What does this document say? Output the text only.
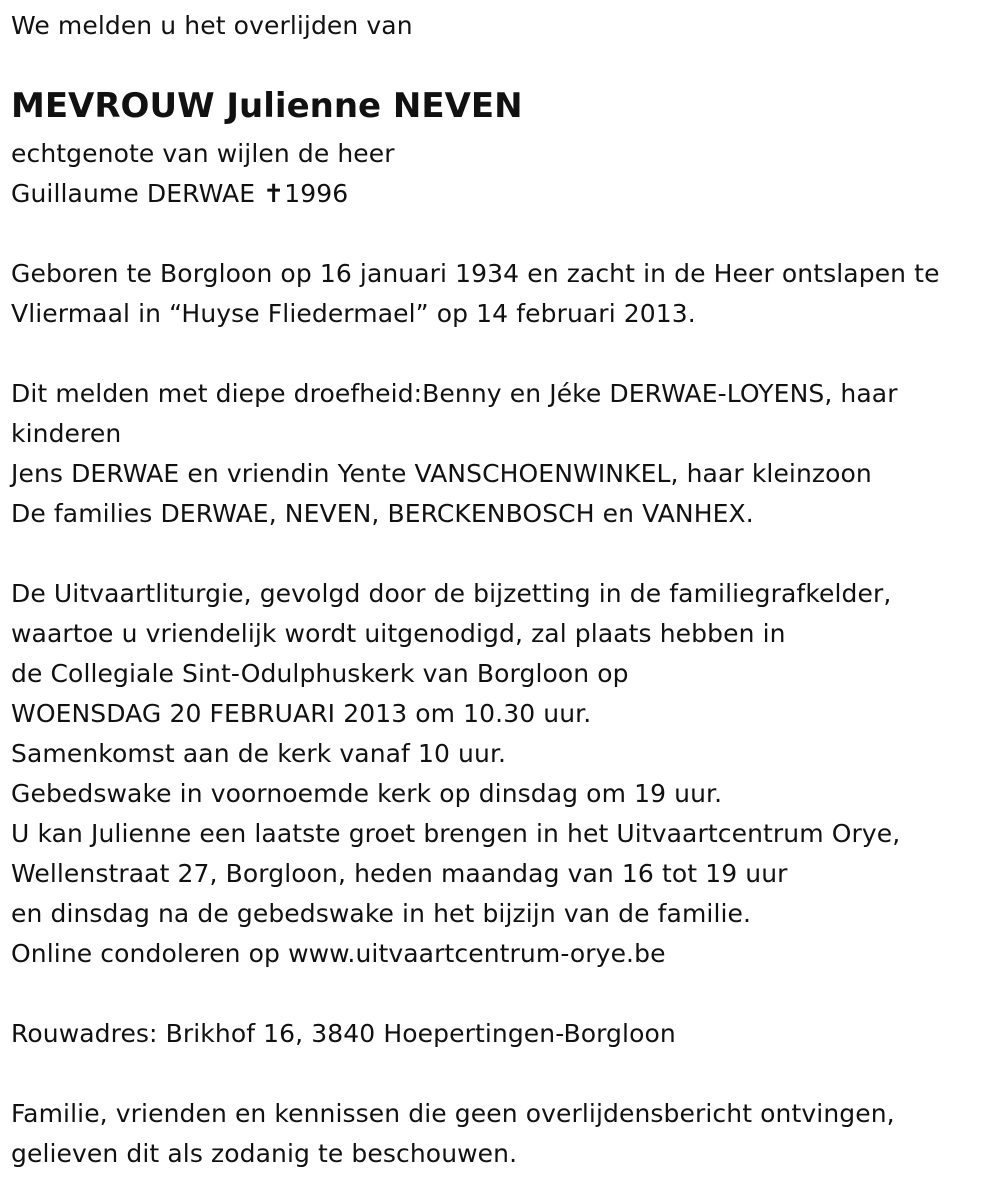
We melden u het overlijden van
MEVROUW Julienne NEVEN
echtgenote van wijlen de heer
Guillaume DERWAE ✝1996
Geboren te Borgloon op 16 januari 1934 en zacht in de Heer ontslapen te
Vliermaal in “Huyse Fliedermael” op 14 februari 2013.
Dit melden met diepe droefheid:Benny en Jéke DERWAE-LOYENS, haar
kinderen
Jens DERWAE en vriendin Yente VANSCHOENWINKEL, haar kleinzoon
De families DERWAE, NEVEN, BERCKENBOSCH en VANHEX.
De Uitvaartliturgie, gevolgd door de bijzetting in de familiegrafkelder,
waartoe u vriendelijk wordt uitgenodigd, zal plaats hebben in
de Collegiale Sint-Odulphuskerk van Borgloon op
WOENSDAG 20 FEBRUARI 2013 om 10.30 uur.
Samenkomst aan de kerk vanaf 10 uur.
Gebedswake in voornoemde kerk op dinsdag om 19 uur.
U kan Julienne een laatste groet brengen in het Uitvaartcentrum Orye,
Wellenstraat 27, Borgloon, heden maandag van 16 tot 19 uur
en dinsdag na de gebedswake in het bijzijn van de familie.
Online condoleren op www.uitvaartcentrum-orye.be
Rouwadres: Brikhof 16, 3840 Hoepertingen-Borgloon
Familie, vrienden en kennissen die geen overlijdensbericht ontvingen,
gelieven dit als zodanig te beschouwen.
